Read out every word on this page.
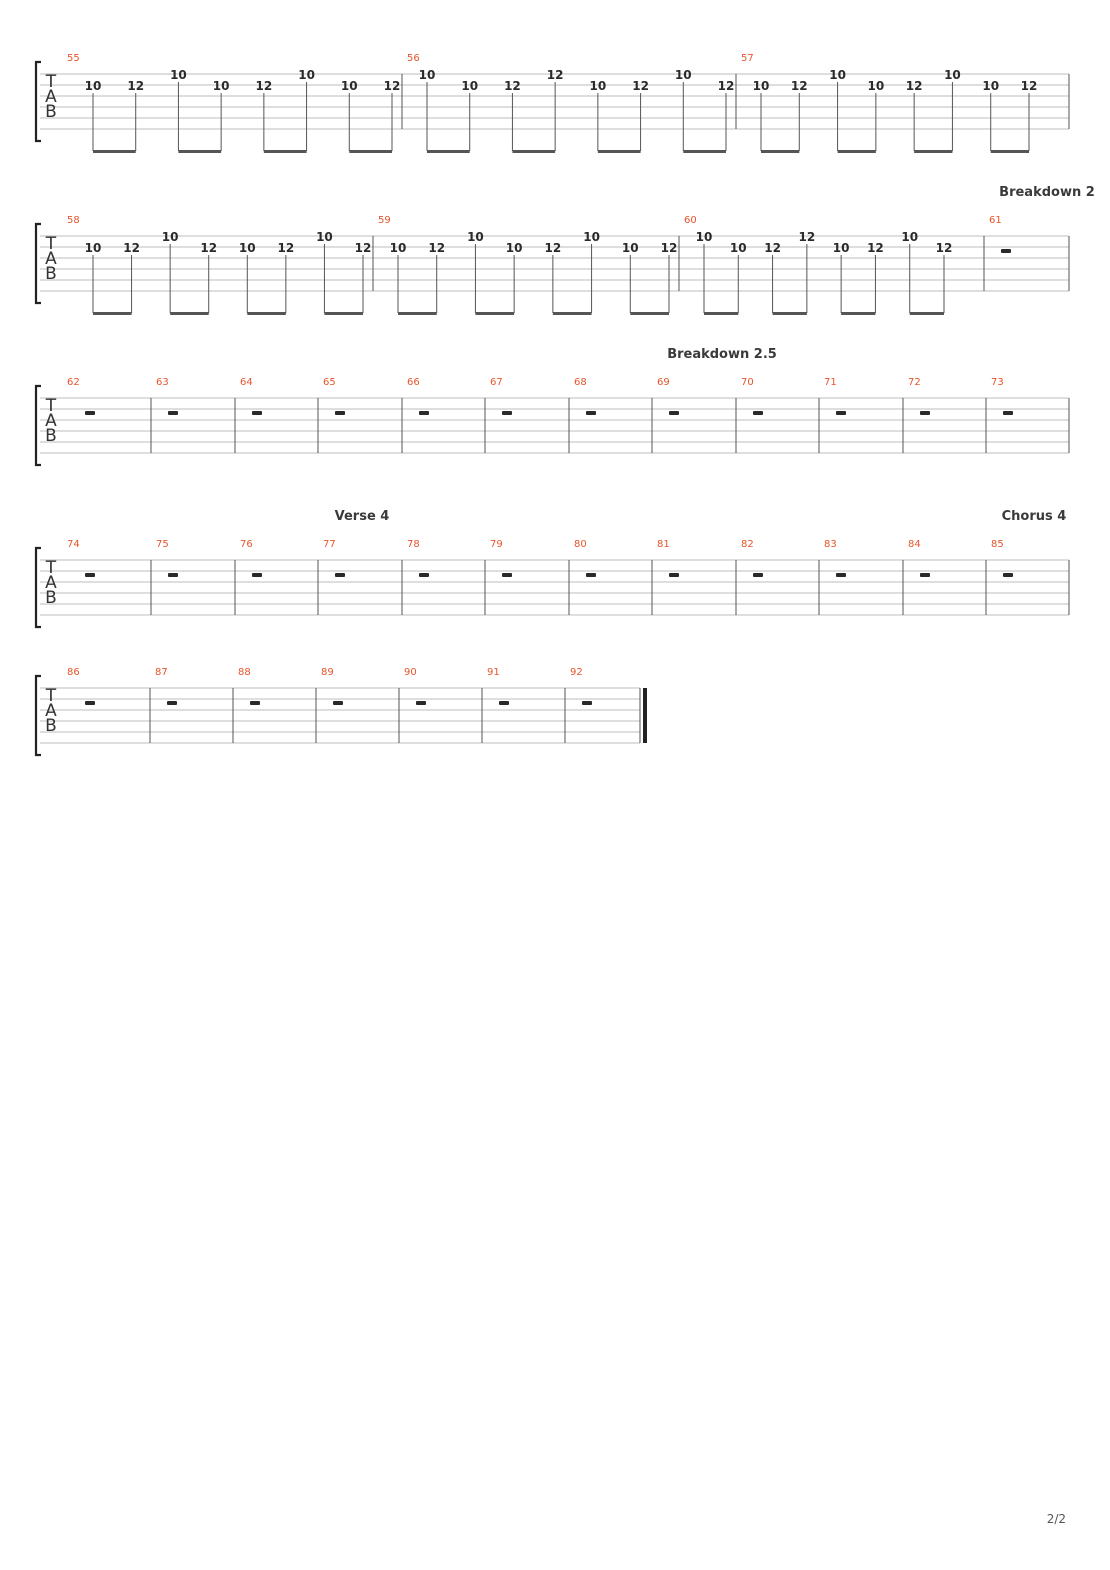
T
A
B
55
10 12
10
10 12
10
10 12
56
10
10 12
12
10 12
10
12
57
10 12
10
10 12
10
10 12
T
A
B
58
10 12
10
12 10 12
10
12
59
10 12
10
10 12
10
10 12
60
10
10 12
12
10 12
10
12
61
Breakdown 2
T
A
B
62	63	64	65	66	67	68	69	70
Breakdown 2.5
71	72	73
T
A
B
74	75	76	77
Verse 4
78	79	80	81	82	83	84	85
Chorus 4
T
A
B
86	87	88	89	90	91	92
2/2
